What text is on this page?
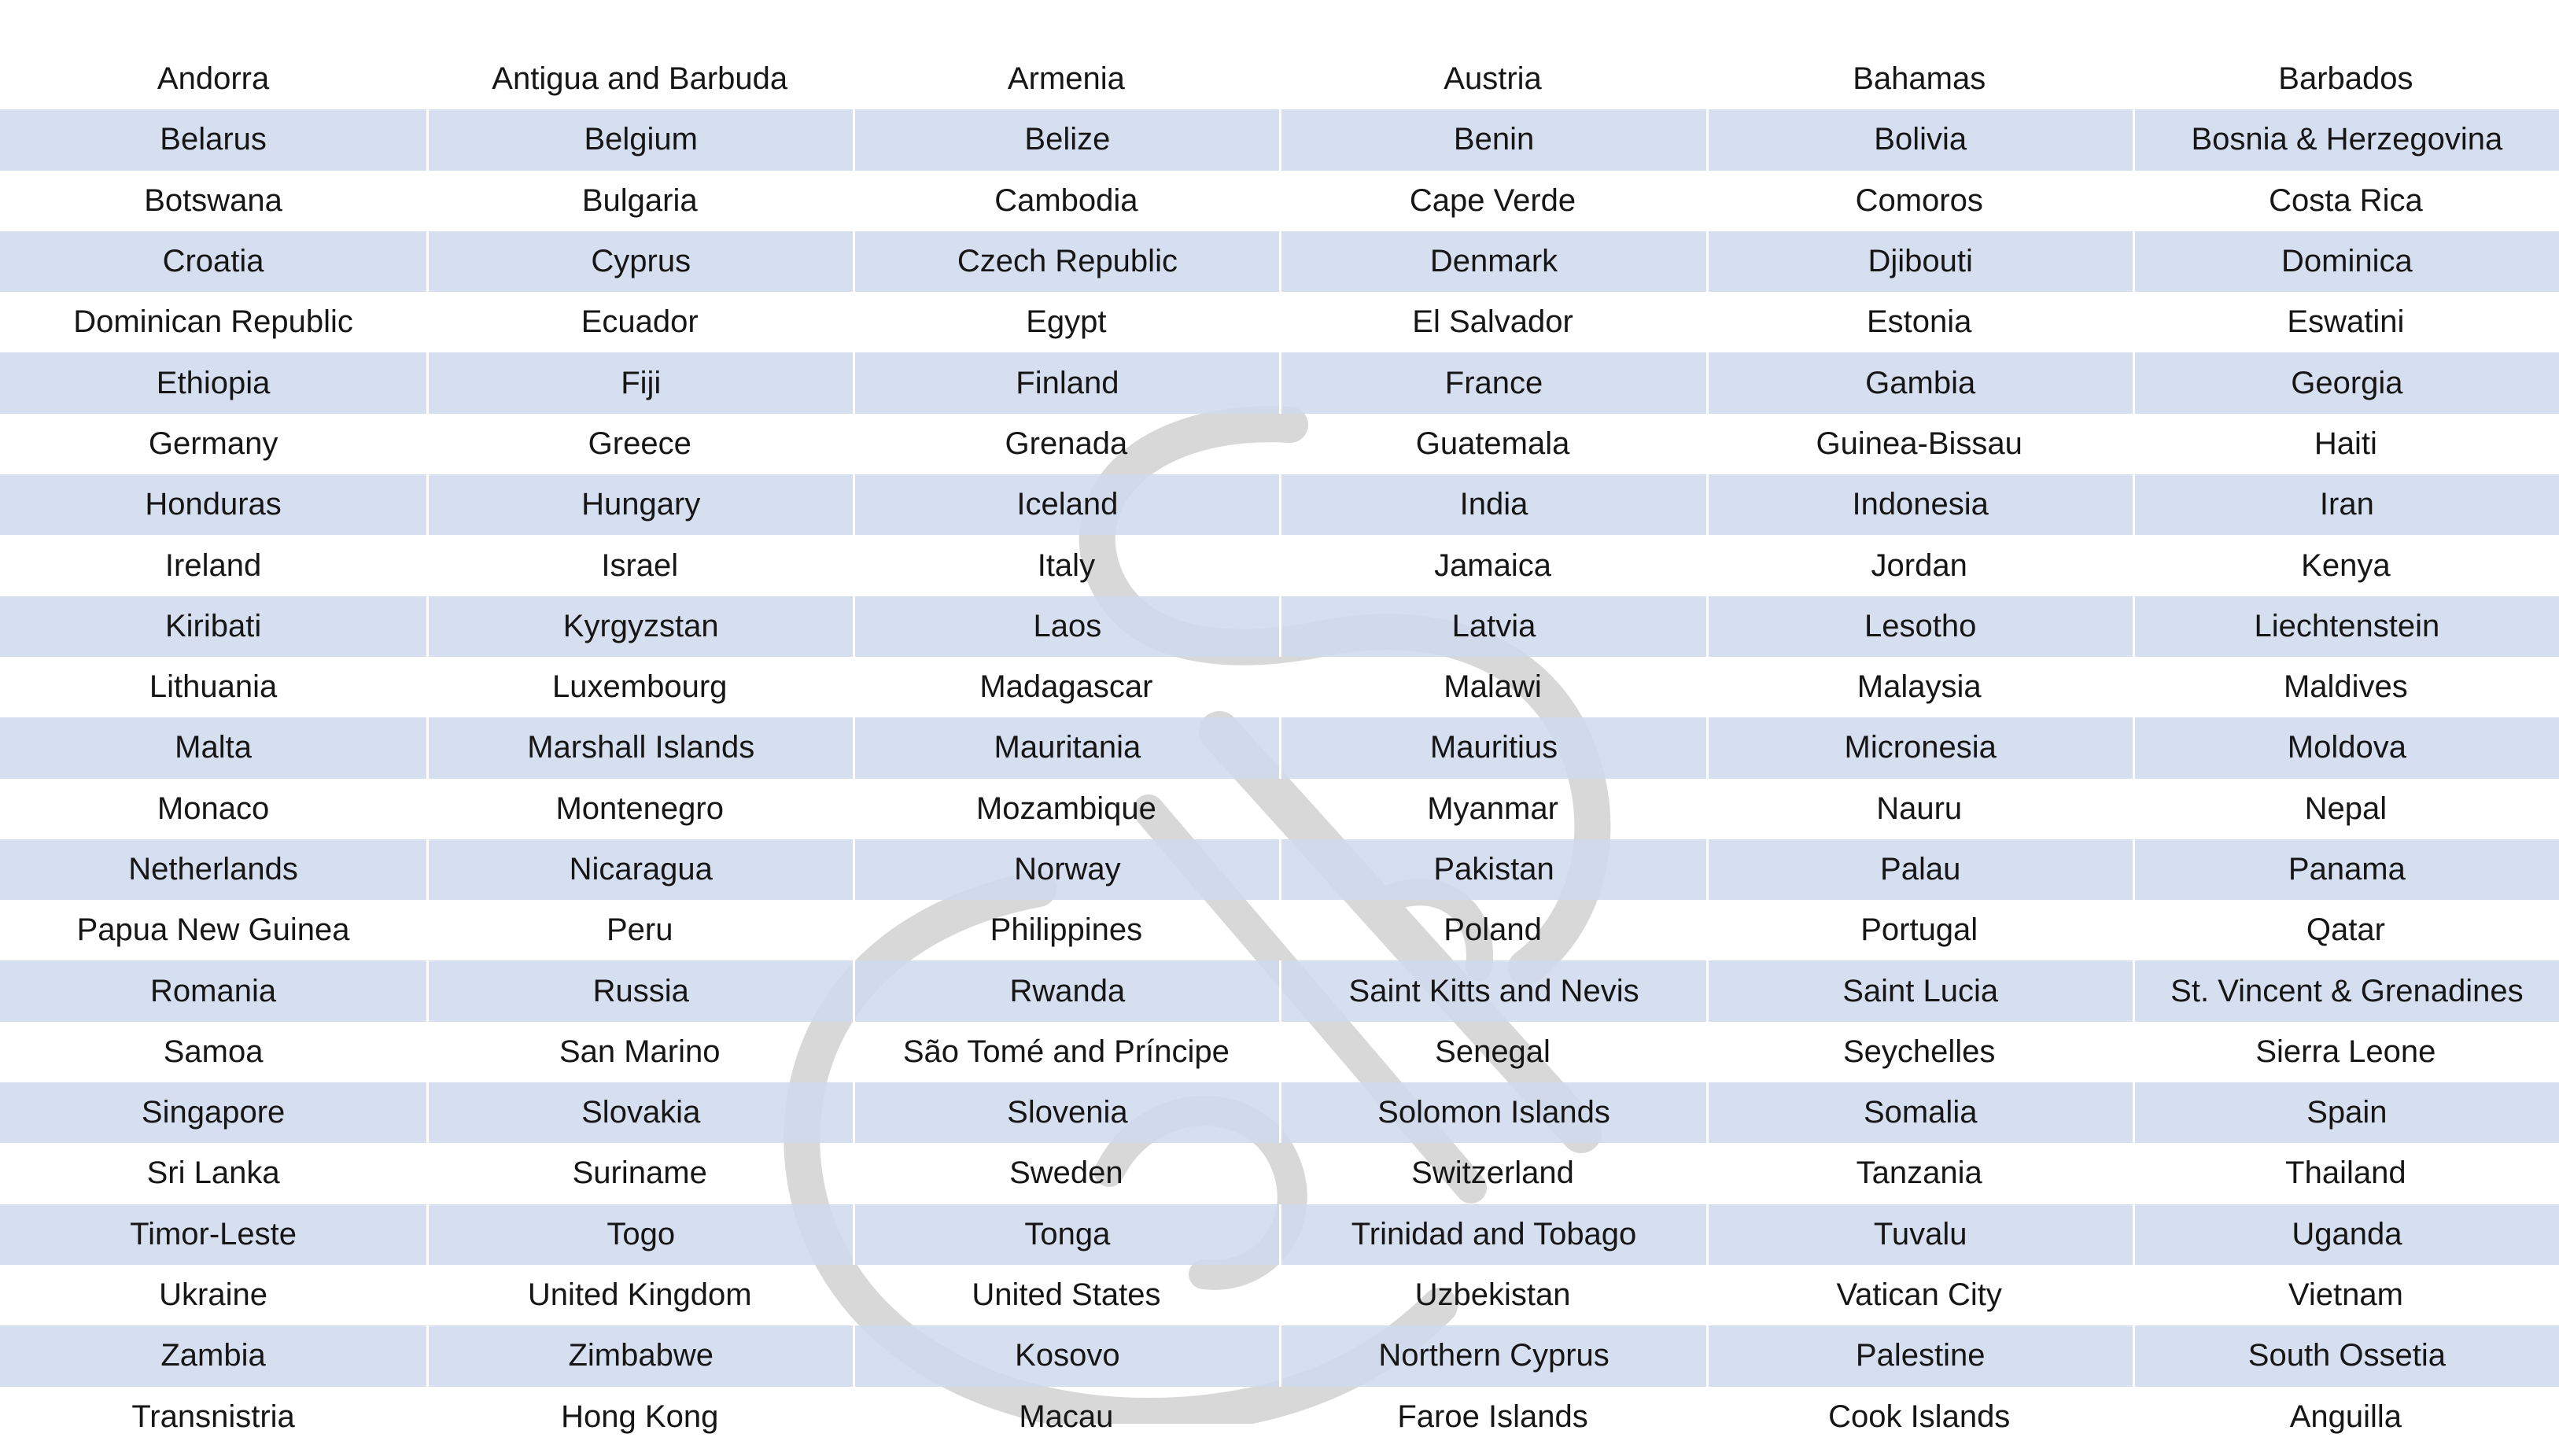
Andorra	Antigua and Barbuda	Armenia	Austria	Bahamas	Barbados
Belarus	Belgium	Belize	Benin	Bolivia	Bosnia & Herzegovina
Botswana	Bulgaria	Cambodia	Cape Verde	Comoros	Costa Rica
Croatia	Cyprus	Czech Republic	Denmark	Djibouti	Dominica
Dominican Republic	Ecuador	Egypt	El Salvador	Estonia	Eswatini
Ethiopia	Fiji	Finland	France	Gambia	Georgia
Germany	Greece	Grenada	Guatemala	Guinea-Bissau	Haiti
Honduras	Hungary	Iceland	India	Indonesia	Iran
Ireland	Israel	Italy	Jamaica	Jordan	Kenya
Kiribati	Kyrgyzstan	Laos	Latvia	Lesotho	Liechtenstein
Lithuania	Luxembourg	Madagascar	Malawi	Malaysia	Maldives
Malta	Marshall Islands	Mauritania	Mauritius	Micronesia	Moldova
Monaco	Montenegro	Mozambique	Myanmar	Nauru	Nepal
Netherlands	Nicaragua	Norway	Pakistan	Palau	Panama
Papua New Guinea	Peru	Philippines	Poland	Portugal	Qatar
Romania	Russia	Rwanda	Saint Kitts and Nevis	Saint Lucia	St. Vincent & Grenadines
Samoa	San Marino	São Tomé and Príncipe	Senegal	Seychelles	Sierra Leone
Singapore	Slovakia	Slovenia	Solomon Islands	Somalia	Spain
Sri Lanka	Suriname	Sweden	Switzerland	Tanzania	Thailand
Timor-Leste	Togo	Tonga	Trinidad and Tobago	Tuvalu	Uganda
Ukraine	United Kingdom	United States	Uzbekistan	Vatican City	Vietnam
Zambia	Zimbabwe	Kosovo	Northern Cyprus	Palestine	South Ossetia
Transnistria	Hong Kong	Macau	Faroe Islands	Cook Islands	Anguilla
